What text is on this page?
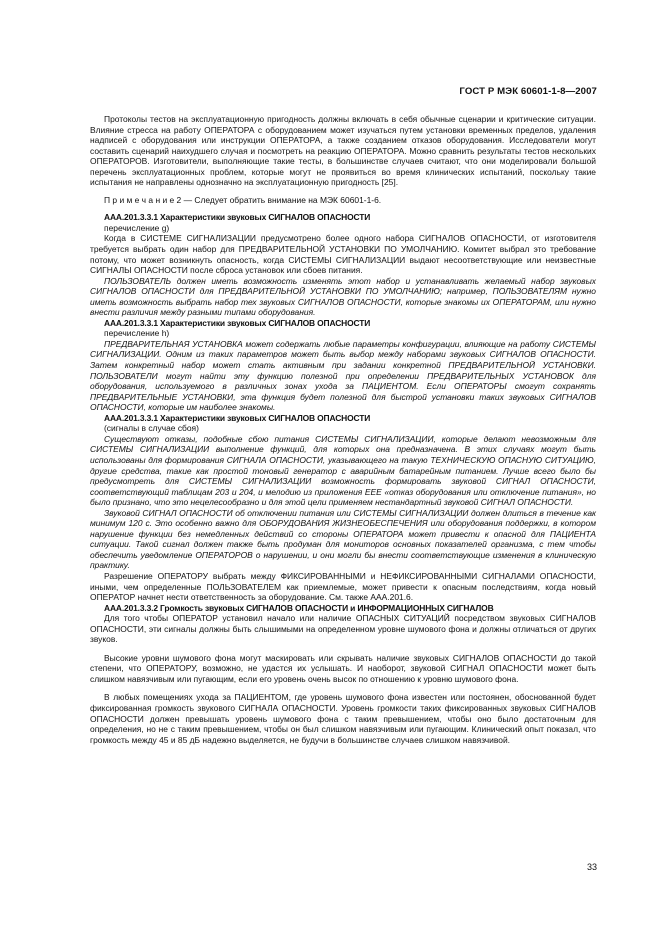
ГОСТ Р МЭК 60601-1-8—2007

Протоколы тестов на эксплуатационную пригодность должны включать в себя обычные сценарии и критические ситуации. Влияние стресса на работу ОПЕРАТОРА с оборудованием может изучаться путем установки временных пределов, удаления надписей с оборудования или инструкции ОПЕРАТОРА, а также созданием отказов оборудования. Исследователи могут составить сценарий наихудшего случая и посмотреть на реакцию ОПЕРАТОРА. Можно сравнить результаты тестов нескольких ОПЕРАТОРОВ. Изготовители, выполняющие такие тесты, в большинстве случаев считают, что они моделировали большой перечень эксплуатационных проблем, которые могут не проявиться во время клинических испытаний, поскольку такие испытания не направлены однозначно на эксплуатационную пригодность [25].

П р и м е ч а н и е 2 — Следует обратить внимание на МЭК 60601-1-6.

ААА.201.3.3.1 Характеристики звуковых СИГНАЛОВ ОПАСНОСТИ

перечисление g)

Когда в СИСТЕМЕ СИГНАЛИЗАЦИИ предусмотрено более одного набора СИГНАЛОВ ОПАСНОСТИ, от изготовителя требуется выбрать один набор для ПРЕДВАРИТЕЛЬНОЙ УСТАНОВКИ ПО УМОЛЧАНИЮ. Комитет выбрал это требование потому, что может возникнуть опасность, когда СИСТЕМЫ СИГНАЛИЗАЦИИ выдают несоответствующие или неизвестные СИГНАЛЫ ОПАСНОСТИ после сброса установок или сбоев питания.

ПОЛЬЗОВАТЕЛЬ должен иметь возможность изменять этот набор и устанавливать желаемый набор звуковых СИГНАЛОВ ОПАСНОСТИ для ПРЕДВАРИТЕЛЬНОЙ УСТАНОВКИ ПО УМОЛЧАНИЮ; например, ПОЛЬЗОВАТЕЛЯМ нужно иметь возможность выбрать набор тех звуковых СИГНАЛОВ ОПАСНОСТИ, которые знакомы их ОПЕРАТОРАМ, или нужно внести различия между разными типами оборудования.

ААА.201.3.3.1 Характеристики звуковых СИГНАЛОВ ОПАСНОСТИ

перечисление h)

ПРЕДВАРИТЕЛЬНАЯ УСТАНОВКА может содержать любые параметры конфигурации, влияющие на работу СИСТЕМЫ СИГНАЛИЗАЦИИ. Одним из таких параметров может быть выбор между наборами звуковых СИГНАЛОВ ОПАСНОСТИ. Затем конкретный набор может стать активным при задании конкретной ПРЕДВАРИТЕЛЬНОЙ УСТАНОВКИ. ПОЛЬЗОВАТЕЛИ могут найти эту функцию полезной при определении ПРЕДВАРИТЕЛЬНЫХ УСТАНОВОК для оборудования, используемого в различных зонах ухода за ПАЦИЕНТОМ. Если ОПЕРАТОРЫ смогут сохранять ПРЕДВАРИТЕЛЬНЫЕ УСТАНОВКИ, эта функция будет полезной для быстрой установки таких звуковых СИГНАЛОВ ОПАСНОСТИ, которые им наиболее знакомы.

ААА.201.3.3.1 Характеристики звуковых СИГНАЛОВ ОПАСНОСТИ

(сигналы в случае сбоя)

Существуют отказы, подобные сбою питания СИСТЕМЫ СИГНАЛИЗАЦИИ, которые делают невозможным для СИСТЕМЫ СИГНАЛИЗАЦИИ выполнение функций, для которых она предназначена. В этих случаях могут быть использованы для формирования СИГНАЛА ОПАСНОСТИ, указывающего на такую ТЕХНИЧЕСКУЮ ОПАСНУЮ СИТУАЦИЮ, другие средства, такие как простой тоновый генератор с аварийным батарейным питанием. Лучше всего было бы предусмотреть для СИСТЕМЫ СИГНАЛИЗАЦИИ возможность формировать звуковой СИГНАЛ ОПАСНОСТИ, соответствующий таблицам 203 и 204, и мелодию из приложения ЕЕЕ «отказ оборудования или отключение питания», но было признано, что это нецелесообразно и для этой цели применяем нестандартный звуковой СИГНАЛ ОПАСНОСТИ.

Звуковой СИГНАЛ ОПАСНОСТИ об отключении питания или СИСТЕМЫ СИГНАЛИЗАЦИИ должен длиться в течение как минимум 120 с. Это особенно важно для ОБОРУДОВАНИЯ ЖИЗНЕОБЕСПЕЧЕНИЯ или оборудования поддержки, в котором нарушение функции без немедленных действий со стороны ОПЕРАТОРА может привести к опасной для ПАЦИЕНТА ситуации. Такой сигнал должен также быть продуман для мониторов основных показателей организма, с тем чтобы обеспечить уведомление ОПЕРАТОРОВ о нарушении, и они могли бы внести соответствующие изменения в клиническую практику.

Разрешение ОПЕРАТОРУ выбрать между ФИКСИРОВАННЫМИ и НЕФИКСИРОВАННЫМИ СИГНАЛАМИ ОПАСНОСТИ, иными, чем определенные ПОЛЬЗОВАТЕЛЕМ как приемлемые, может привести к опасным последствиям, когда новый ОПЕРАТОР начнет нести ответственность за оборудование. См. также ААА.201.6.

ААА.201.3.3.2 Громкость звуковых СИГНАЛОВ ОПАСНОСТИ и ИНФОРМАЦИОННЫХ СИГНАЛОВ

Для того чтобы ОПЕРАТОР установил начало или наличие ОПАСНЫХ СИТУАЦИЙ посредством звуковых СИГНАЛОВ ОПАСНОСТИ, эти сигналы должны быть слышимыми на определенном уровне шумового фона и должны отличаться от других звуков.

Высокие уровни шумового фона могут маскировать или скрывать наличие звуковых СИГНАЛОВ ОПАСНОСТИ до такой степени, что ОПЕРАТОРУ, возможно, не удастся их услышать. И наоборот, звуковой СИГНАЛ ОПАСНОСТИ может быть слишком навязчивым или пугающим, если его уровень очень высок по отношению к уровню шумового фона.

В любых помещениях ухода за ПАЦИЕНТОМ, где уровень шумового фона известен или постоянен, обоснованной будет фиксированная громкость звукового СИГНАЛА ОПАСНОСТИ. Уровень громкости таких фиксированных звуковых СИГНАЛОВ ОПАСНОСТИ должен превышать уровень шумового фона с таким превышением, чтобы оно было достаточным для определения, но не с таким превышением, чтобы он был слишком навязчивым или пугающим. Клинический опыт показал, что громкость между 45 и 85 дБ надежно выделяется, не будучи в большинстве случаев слишком навязчивой.

33
